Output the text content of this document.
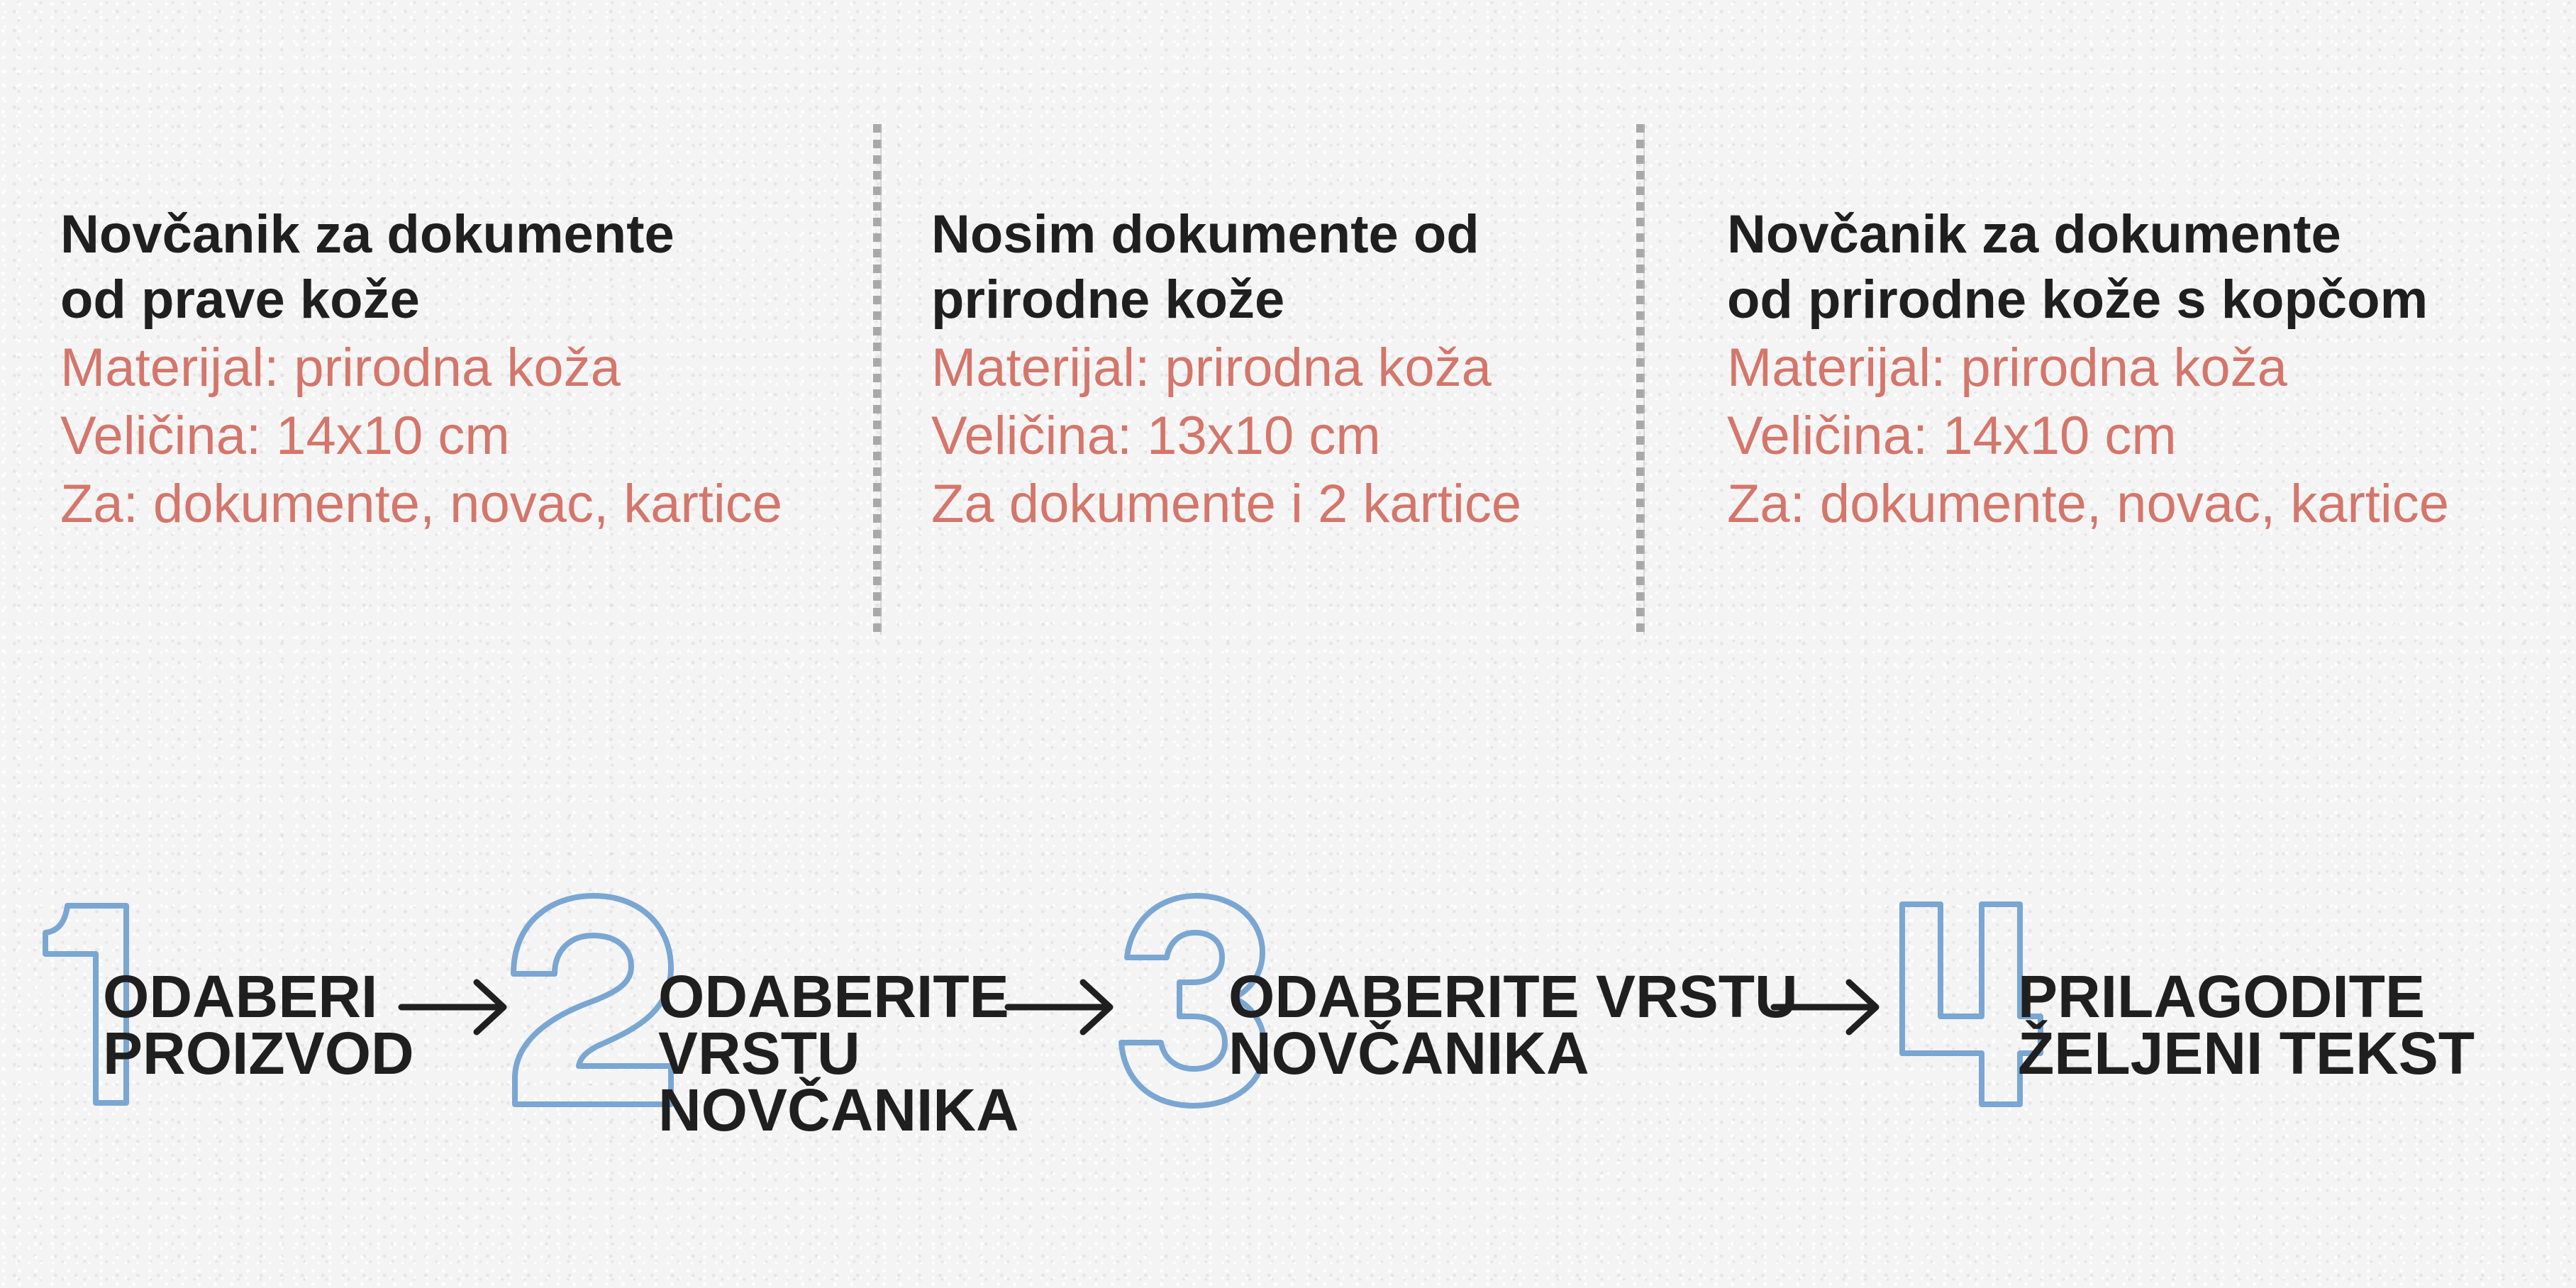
Novčanik za dokumente

od prave kože

Materijal: prirodna koža

Veličina: 14x10 cm

Za: dokumente, novac, kartice

Nosim dokumente od

prirodne kože

Materijal: prirodna koža

Veličina: 13x10 cm

Za dokumente i 2 kartice

Novčanik za dokumente

od prirodne kože s kopčom

Materijal: prirodna koža

Veličina: 14x10 cm

Za: dokumente, novac, kartice

ODABERI
PROIZVOD

ODABERITE
VRSTU
NOVČANIKA

ODABERITE VRSTU
NOVČANIKA

PRILAGODITE
ŽELJENI TEKST
